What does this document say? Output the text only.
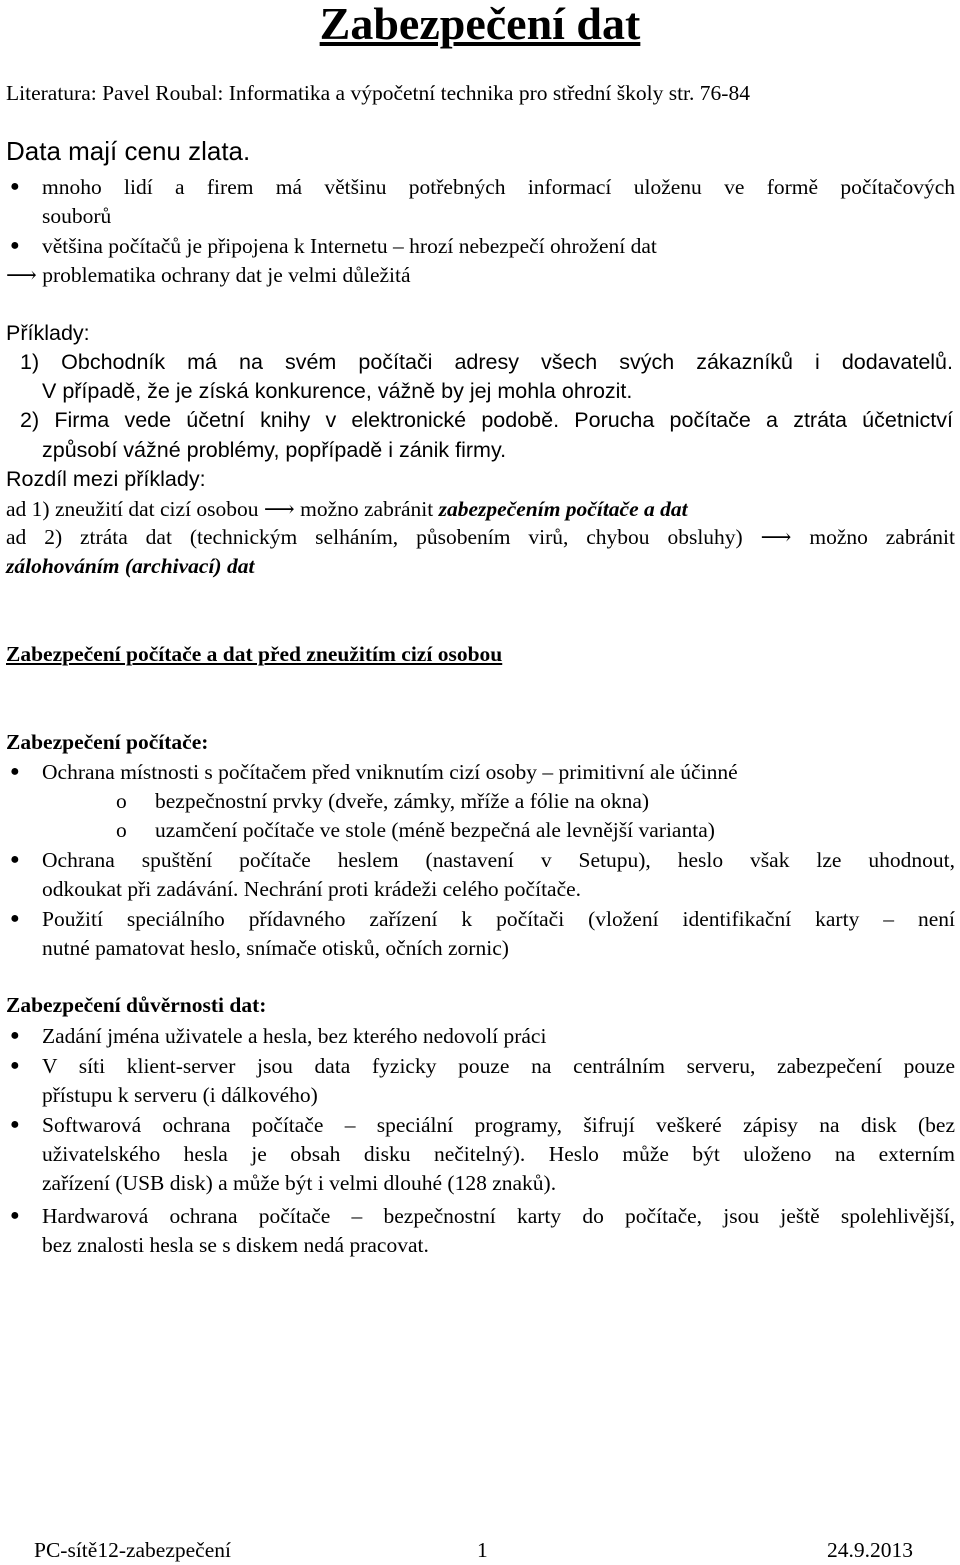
Zabezpečení dat
Literatura: Pavel Roubal: Informatika a výpočetní technika pro střední školy str. 76-84
Data mají cenu zlata.
● mnoho lidí a firem má většinu potřebných informací uloženu ve formě počítačových
souborů
● většina počítačů je připojena k Internetu – hrozí nebezpečí ohrožení dat
⟶ problematika ochrany dat je velmi důležitá
Příklady:
1) Obchodník má na svém počítači adresy všech svých zákazníků i dodavatelů.
V případě, že je získá konkurence, vážně by jej mohla ohrozit.
2) Firma vede účetní knihy v elektronické podobě. Porucha počítače a ztráta účetnictví
způsobí vážné problémy, popřípadě i zánik firmy.
Rozdíl mezi příklady:
ad 1) zneužití dat cizí osobou ⟶ možno zabránit zabezpečením počítače a dat
ad 2) ztráta dat (technickým selháním, působením virů, chybou obsluhy) ⟶ možno zabránit
zálohováním (archivací) dat
Zabezpečení počítače a dat před zneužitím cizí osobou
Zabezpečení počítače:
● Ochrana místnosti s počítačem před vniknutím cizí osoby – primitivní ale účinné
o bezpečnostní prvky (dveře, zámky, mříže a fólie na okna)
o uzamčení počítače ve stole (méně bezpečná ale levnější varianta)
● Ochrana spuštění počítače heslem (nastavení v Setupu), heslo však lze uhodnout,
odkoukat při zadávání. Nechrání proti krádeži celého počítače.
● Použití speciálního přídavného zařízení k počítači (vložení identifikační karty – není
nutné pamatovat heslo, snímače otisků, očních zornic)
Zabezpečení důvěrnosti dat:
● Zadání jména uživatele a hesla, bez kterého nedovolí práci
● V síti klient-server jsou data fyzicky pouze na centrálním serveru, zabezpečení pouze
přístupu k serveru (i dálkového)
● Softwarová ochrana počítače – speciální programy, šifrují veškeré zápisy na disk (bez
uživatelského hesla je obsah disku nečitelný). Heslo může být uloženo na externím
zařízení (USB disk) a může být i velmi dlouhé (128 znaků).
● Hardwarová ochrana počítače – bezpečnostní karty do počítače, jsou ještě spolehlivější,
bez znalosti hesla se s diskem nedá pracovat.
PC-sítě12-zabezpečení	1	24.9.2013
